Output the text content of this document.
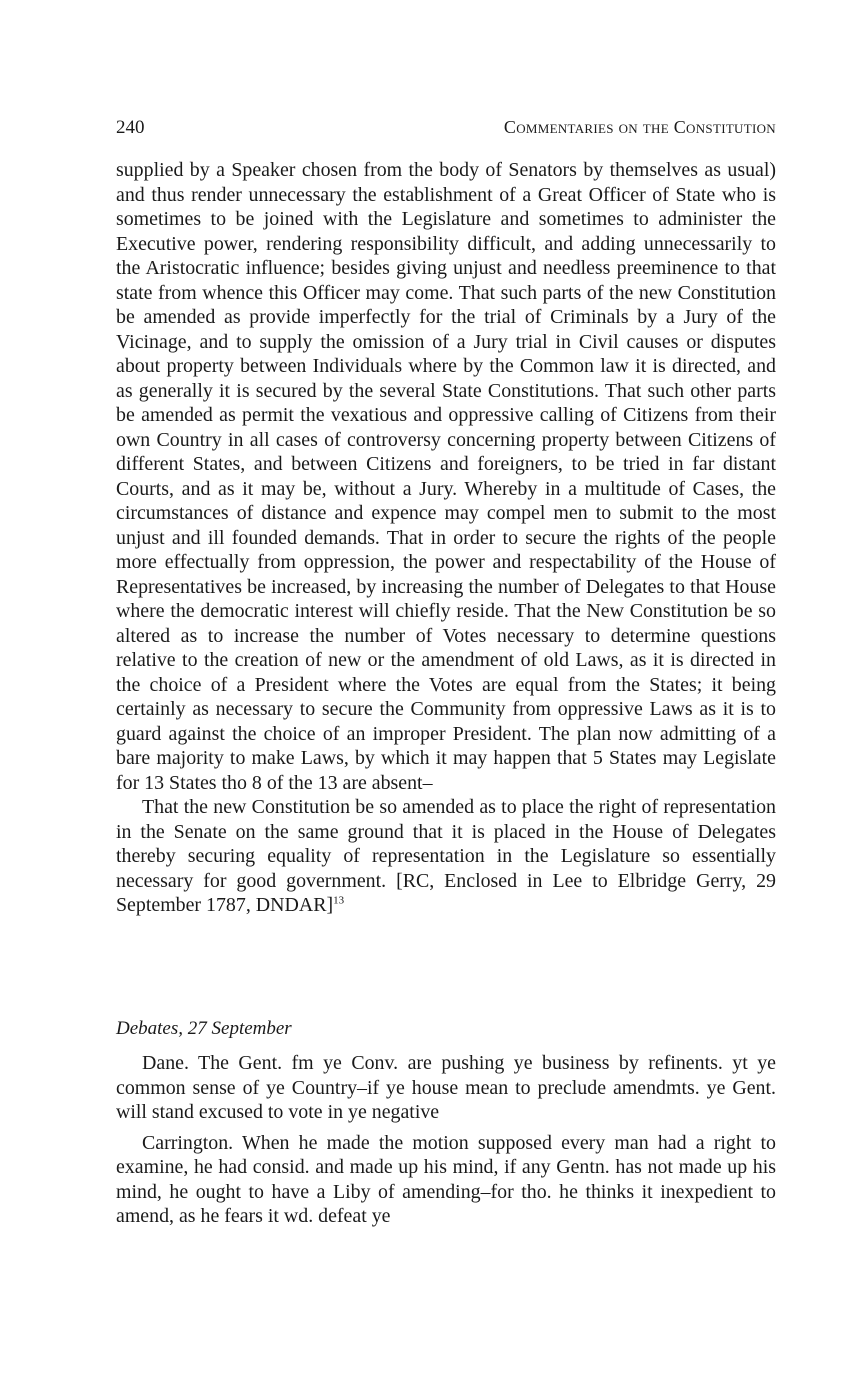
240	Commentaries on the Constitution

supplied by a Speaker chosen from the body of Senators by themselves as usual) and thus render unnecessary the establishment of a Great Officer of State who is sometimes to be joined with the Legislature and sometimes to administer the Executive power, rendering responsibility difficult, and adding unnecessarily to the Aristocratic influence; besides giving unjust and needless preeminence to that state from whence this Officer may come. That such parts of the new Constitution be amended as provide imperfectly for the trial of Criminals by a Jury of the Vicinage, and to supply the omission of a Jury trial in Civil causes or disputes about property between Individuals where by the Common law it is directed, and as generally it is secured by the several State Constitutions. That such other parts be amended as permit the vexatious and oppressive calling of Citizens from their own Country in all cases of controversy concerning property between Citizens of different States, and between Citizens and foreigners, to be tried in far distant Courts, and as it may be, without a Jury. Whereby in a multitude of Cases, the circumstances of distance and expence may compel men to submit to the most unjust and ill founded demands. That in order to secure the rights of the people more effectually from oppression, the power and respectability of the House of Representatives be increased, by increasing the number of Delegates to that House where the democratic interest will chiefly reside. That the New Constitution be so altered as to increase the number of Votes necessary to determine questions relative to the creation of new or the amendment of old Laws, as it is directed in the choice of a President where the Votes are equal from the States; it being certainly as necessary to secure the Community from oppressive Laws as it is to guard against the choice of an improper President. The plan now admitting of a bare majority to make Laws, by which it may happen that 5 States may Legislate for 13 States tho 8 of the 13 are absent–

That the new Constitution be so amended as to place the right of representation in the Senate on the same ground that it is placed in the House of Delegates thereby securing equality of representation in the Legislature so essentially necessary for good government. [RC, Enclosed in Lee to Elbridge Gerry, 29 September 1787, DNDAR]$^{13}$

Debates, 27 September

Dane. The Gent. fm ye Conv. are pushing ye business by refinents. yt ye common sense of ye Country–if ye house mean to preclude amendmts. ye Gent. will stand excused to vote in ye negative

Carrington. When he made the motion supposed every man had a right to examine, he had consid. and made up his mind, if any Gentn. has not made up his mind, he ought to have a Liby of amending–for tho. he thinks it inexpedient to amend, as he fears it wd. defeat ye
